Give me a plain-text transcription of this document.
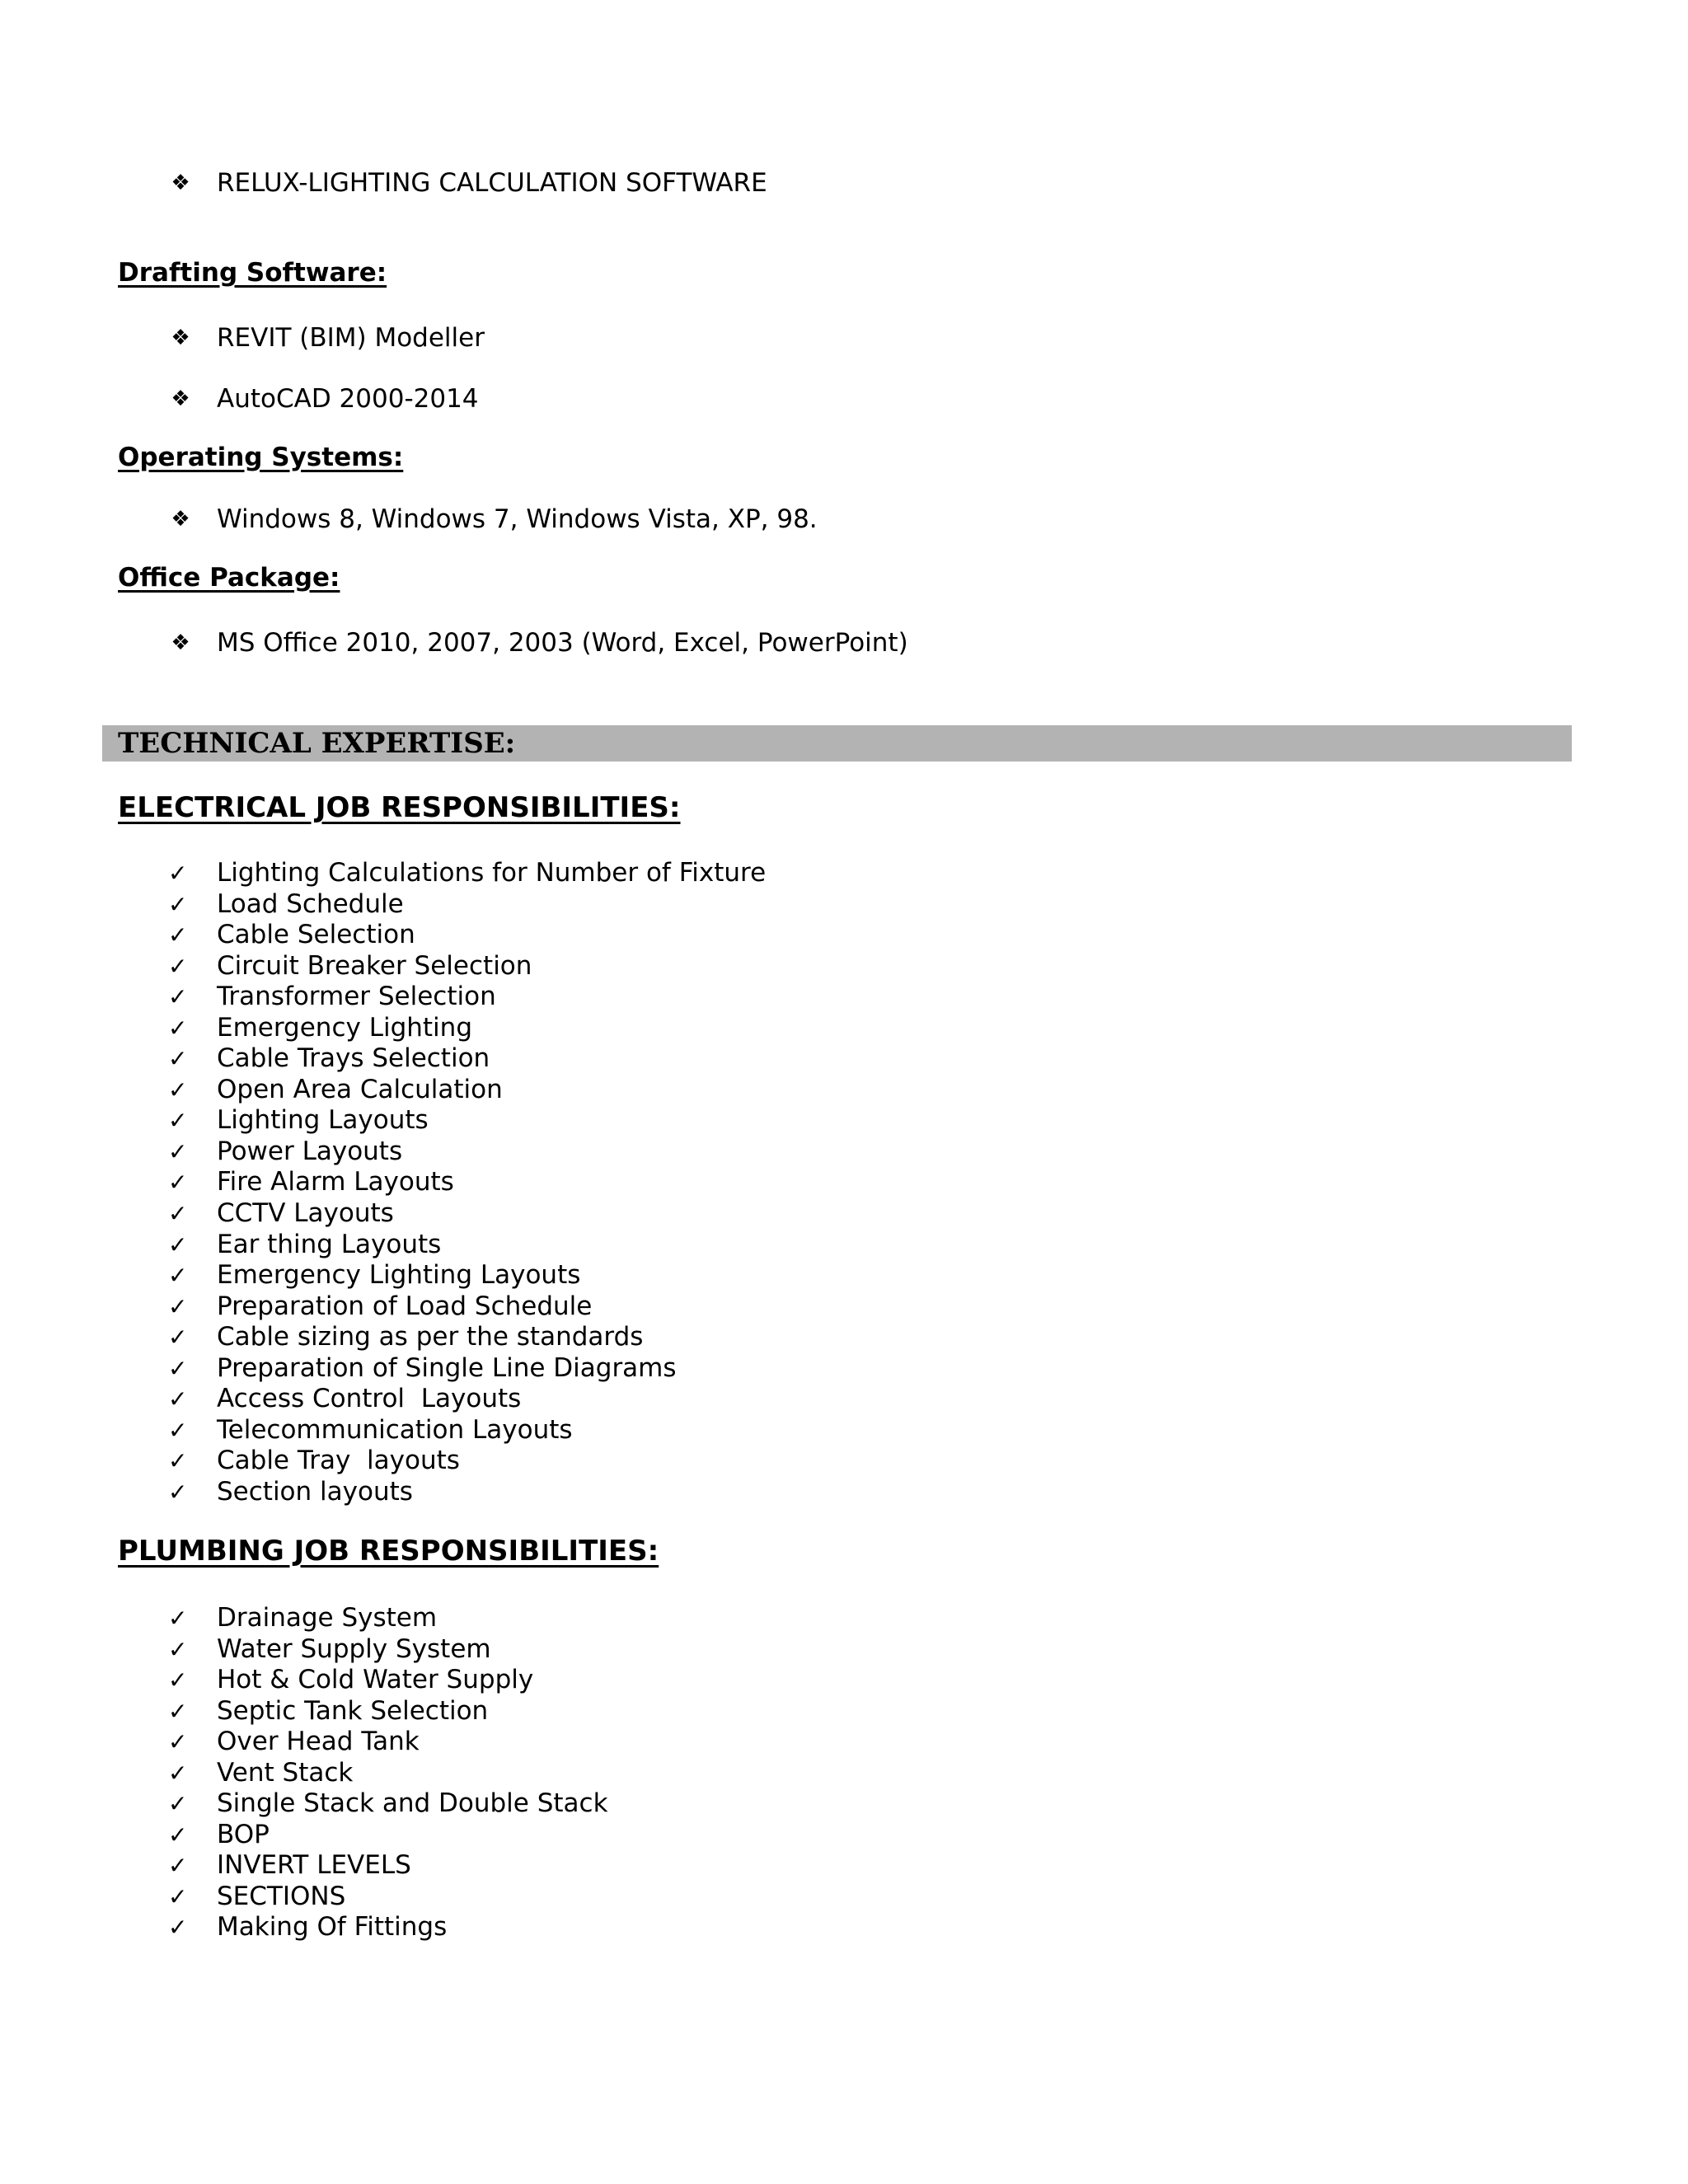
❖ RELUX-LIGHTING CALCULATION SOFTWARE
Drafting Software:
❖ REVIT (BIM) Modeller
❖ AutoCAD 2000-2014
Operating Systems:
❖ Windows 8, Windows 7, Windows Vista, XP, 98.
Office Package:
❖ MS Office 2010, 2007, 2003 (Word, Excel, PowerPoint)
TECHNICAL EXPERTISE:
ELECTRICAL JOB RESPONSIBILITIES:
✓ Lighting Calculations for Number of Fixture
✓ Load Schedule
✓ Cable Selection
✓ Circuit Breaker Selection
✓ Transformer Selection
✓ Emergency Lighting
✓ Cable Trays Selection
✓ Open Area Calculation
✓ Lighting Layouts
✓ Power Layouts
✓ Fire Alarm Layouts
✓ CCTV Layouts
✓ Ear thing Layouts
✓ Emergency Lighting Layouts
✓ Preparation of Load Schedule
✓ Cable sizing as per the standards
✓ Preparation of Single Line Diagrams
✓ Access Control  Layouts
✓ Telecommunication Layouts
✓ Cable Tray  layouts
✓ Section layouts
PLUMBING JOB RESPONSIBILITIES:
✓ Drainage System
✓ Water Supply System
✓ Hot & Cold Water Supply
✓ Septic Tank Selection
✓ Over Head Tank
✓ Vent Stack
✓ Single Stack and Double Stack
✓ BOP
✓ INVERT LEVELS
✓ SECTIONS
✓ Making Of Fittings
